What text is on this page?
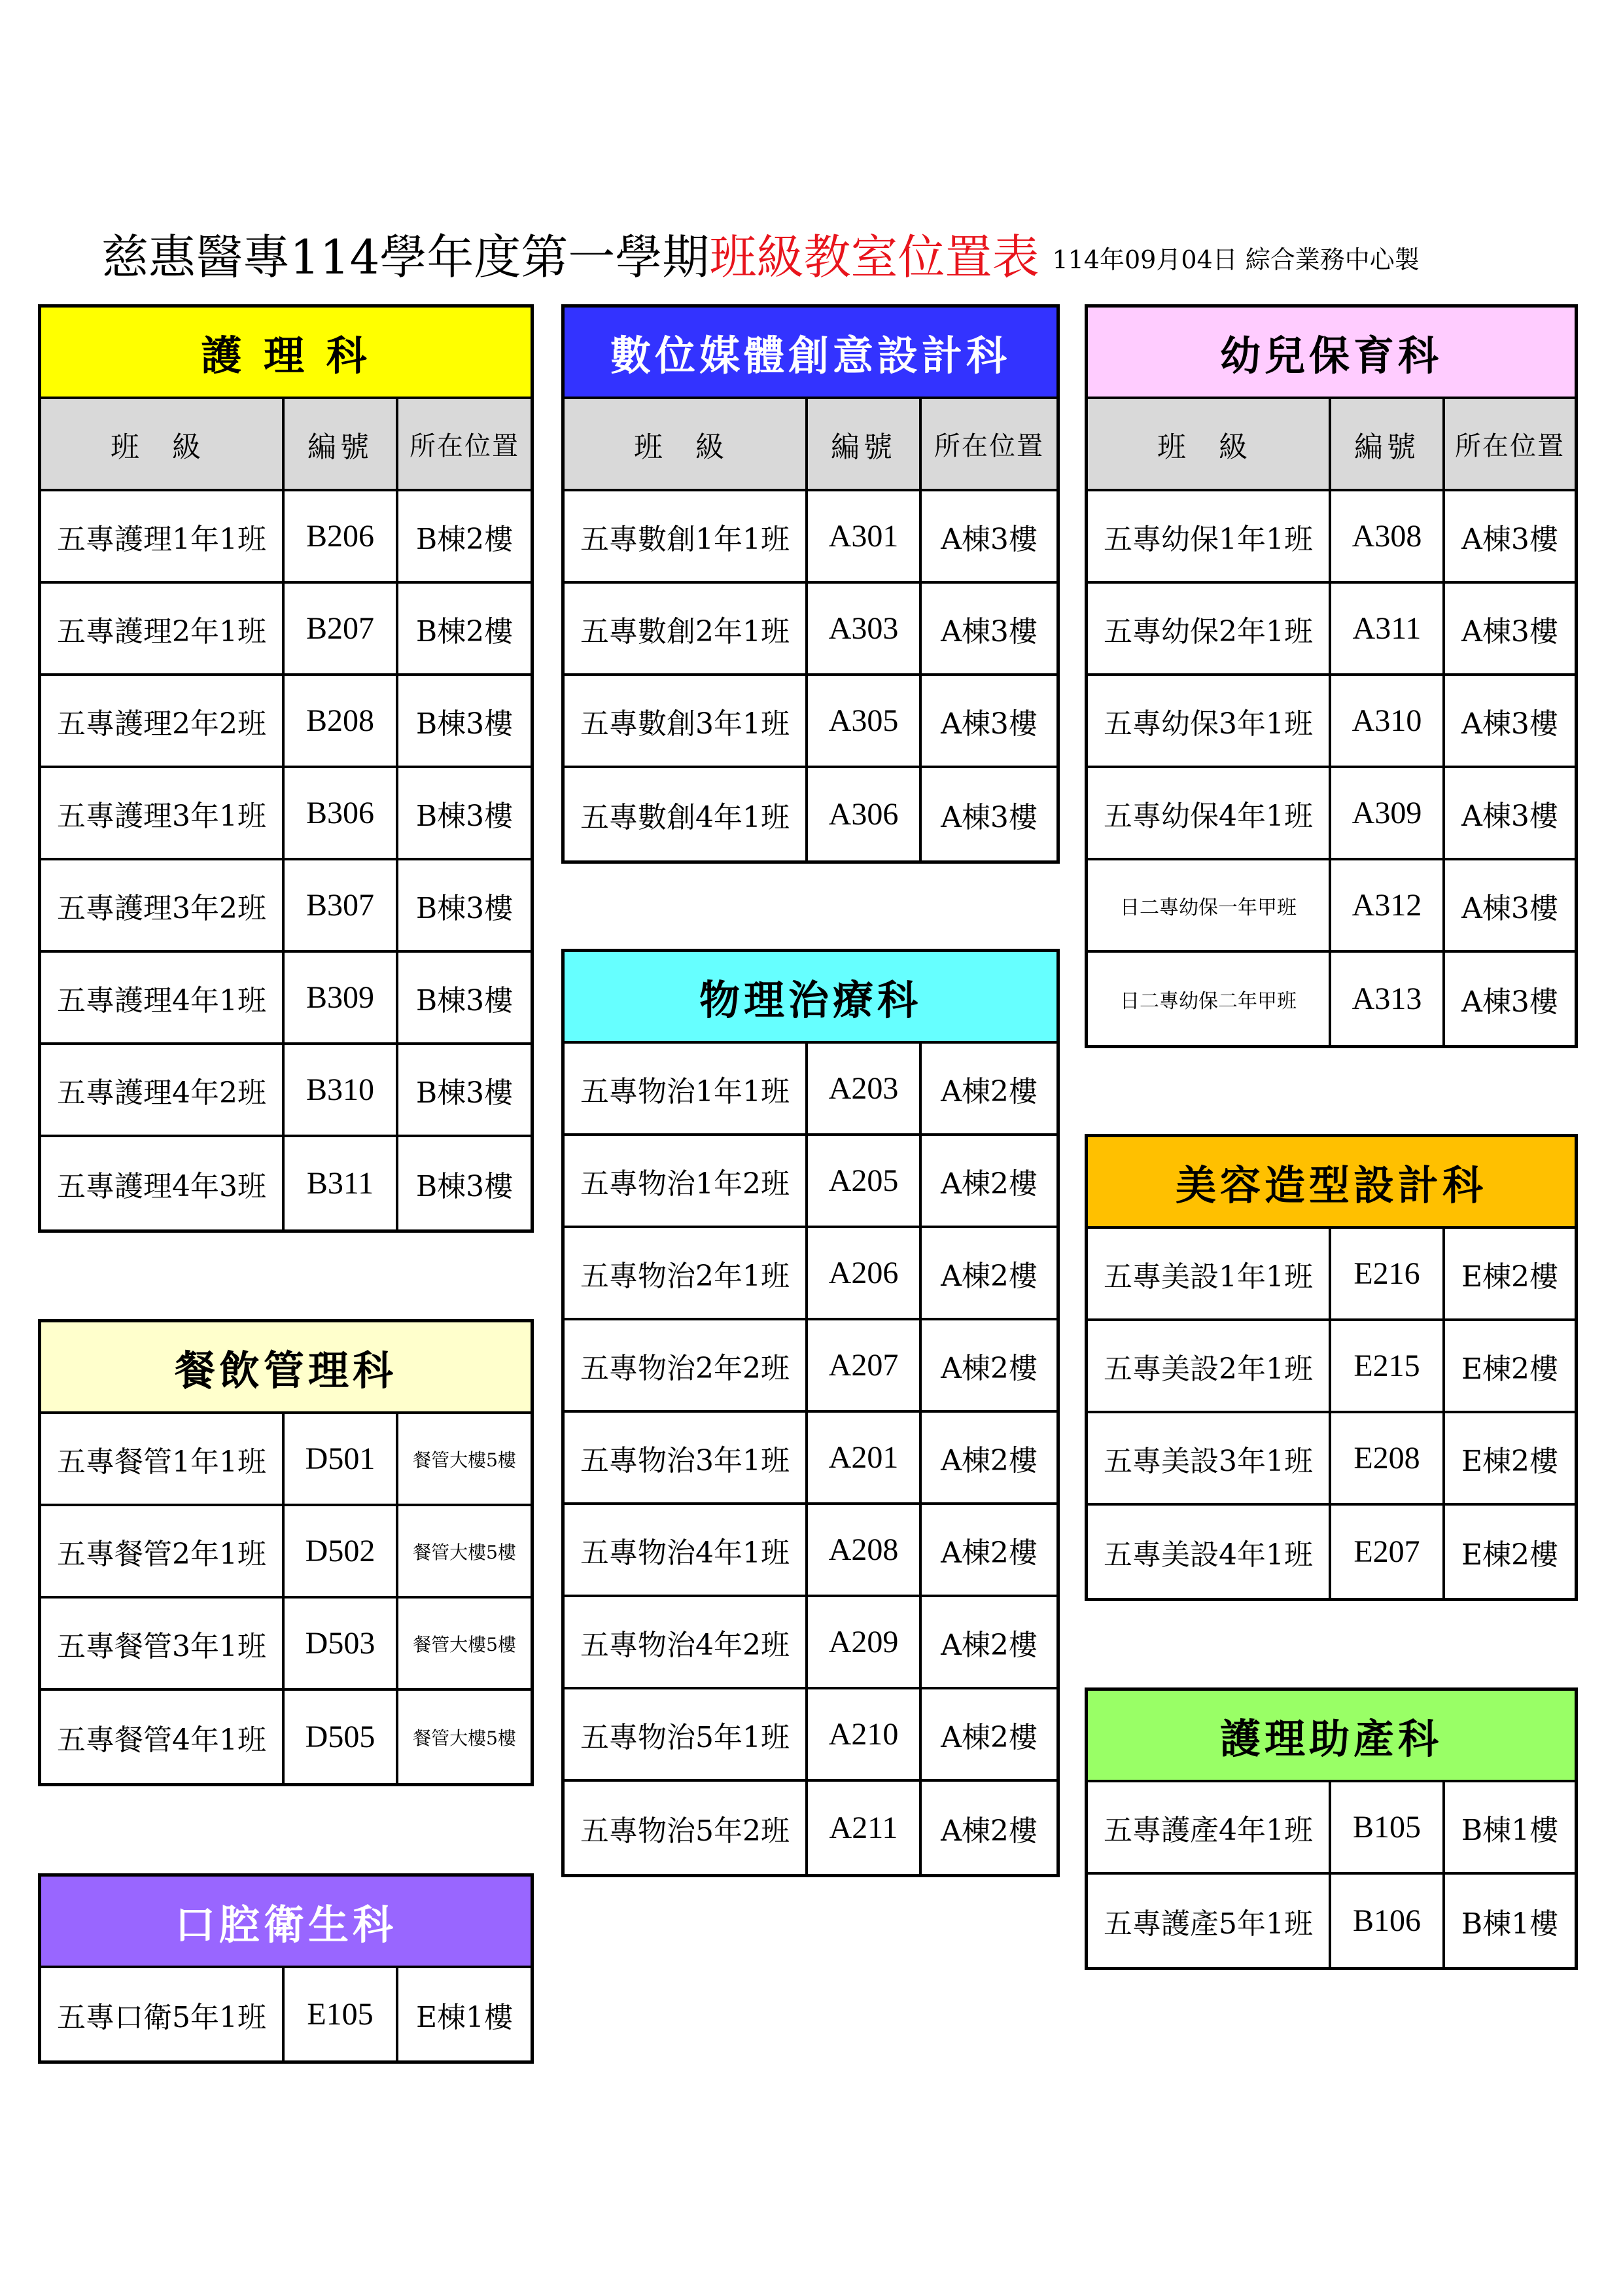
慈惠醫專114學年度第一學期班級教室位置表 114年09月04日 綜合業務中心製
護 理 科
班 級	編號	所在位置
五專護理1年1班	B206	B棟2樓
五專護理2年1班	B207	B棟2樓
五專護理2年2班	B208	B棟3樓
五專護理3年1班	B306	B棟3樓
五專護理3年2班	B307	B棟3樓
五專護理4年1班	B309	B棟3樓
五專護理4年2班	B310	B棟3樓
五專護理4年3班	B311	B棟3樓
餐飲管理科
五專餐管1年1班	D501	餐管大樓5樓
五專餐管2年1班	D502	餐管大樓5樓
五專餐管3年1班	D503	餐管大樓5樓
五專餐管4年1班	D505	餐管大樓5樓
口腔衛生科
五專口衛5年1班	E105	E棟1樓
數位媒體創意設計科
班 級	編號	所在位置
五專數創1年1班	A301	A棟3樓
五專數創2年1班	A303	A棟3樓
五專數創3年1班	A305	A棟3樓
五專數創4年1班	A306	A棟3樓
物理治療科
五專物治1年1班	A203	A棟2樓
五專物治1年2班	A205	A棟2樓
五專物治2年1班	A206	A棟2樓
五專物治2年2班	A207	A棟2樓
五專物治3年1班	A201	A棟2樓
五專物治4年1班	A208	A棟2樓
五專物治4年2班	A209	A棟2樓
五專物治5年1班	A210	A棟2樓
五專物治5年2班	A211	A棟2樓
幼兒保育科
班 級	編號	所在位置
五專幼保1年1班	A308	A棟3樓
五專幼保2年1班	A311	A棟3樓
五專幼保3年1班	A310	A棟3樓
五專幼保4年1班	A309	A棟3樓
日二專幼保一年甲班	A312	A棟3樓
日二專幼保二年甲班	A313	A棟3樓
美容造型設計科
五專美設1年1班	E216	E棟2樓
五專美設2年1班	E215	E棟2樓
五專美設3年1班	E208	E棟2樓
五專美設4年1班	E207	E棟2樓
護理助產科
五專護產4年1班	B105	B棟1樓
五專護產5年1班	B106	B棟1樓
